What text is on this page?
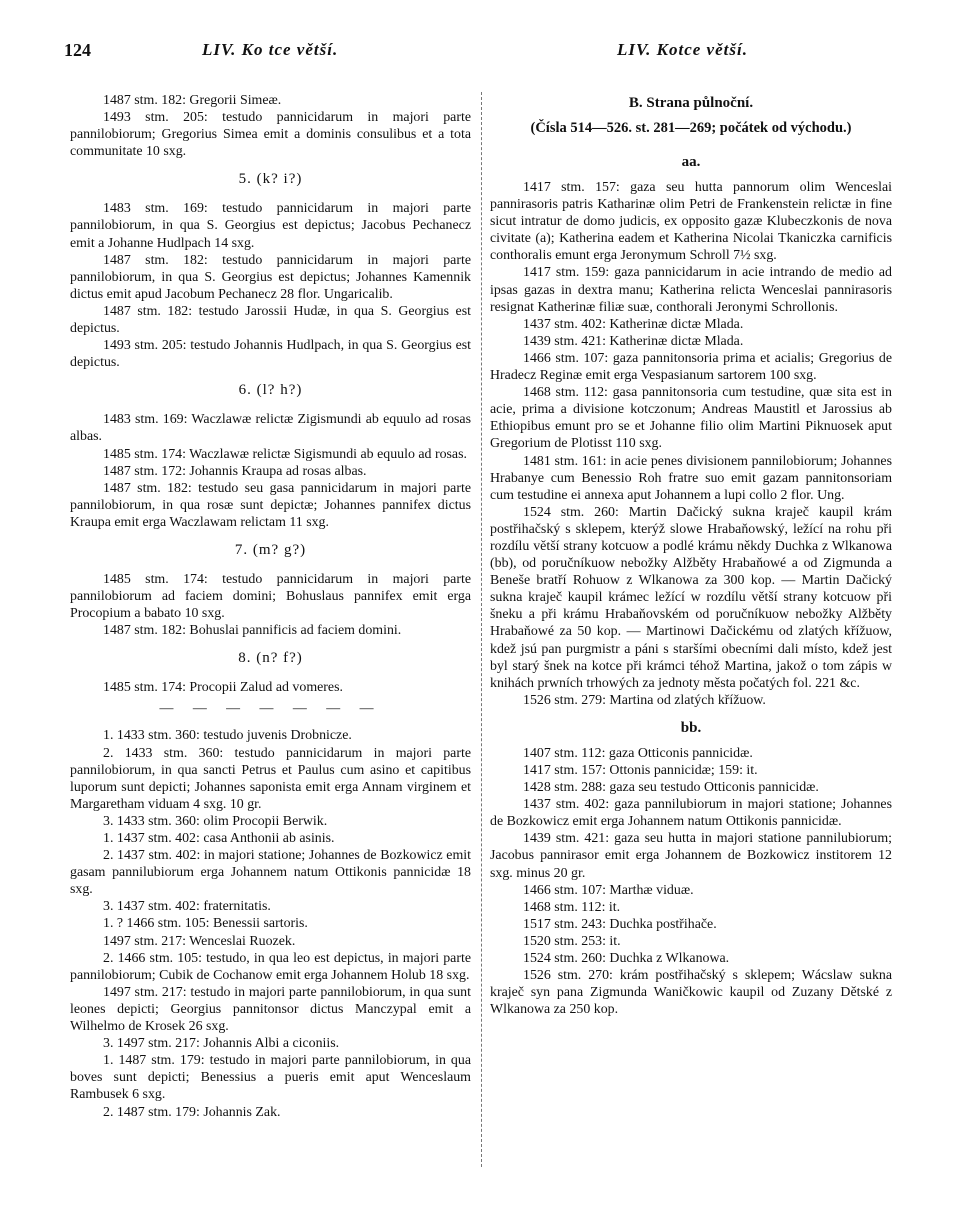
124	LIV. Ko tce větší.	LIV. Kotce větší.

1487 stm. 182: Gregorii Simeæ.

1493 stm. 205: testudo pannicidarum in majori parte pannilobiorum; Gregorius Simea emit a dominis consulibus et a tota communitate 10 sxg.

5. (k? i?)

1483 stm. 169: testudo pannicidarum in majori parte pannilobiorum, in qua S. Georgius est depictus; Jacobus Pechanecz emit a Johanne Hudlpach 14 sxg.

1487 stm. 182: testudo pannicidarum in majori parte pannilobiorum, in qua S. Georgius est depictus; Johannes Kamennik dictus emit apud Jacobum Pechanecz 28 flor. Ungaricalib.

1487 stm. 182: testudo Jarossii Hudæ, in qua S. Georgius est depictus.

1493 stm. 205: testudo Johannis Hudlpach, in qua S. Georgius est depictus.

6. (l? h?)

1483 stm. 169: Waczlawæ relictæ Zigismundi ab equulo ad rosas albas.

1485 stm. 174: Waczlawæ relictæ Sigismundi ab equulo ad rosas.

1487 stm. 172: Johannis Kraupa ad rosas albas.

1487 stm. 182: testudo seu gasa pannicidarum in majori parte pannilobiorum, in qua rosæ sunt depictæ; Johannes pannifex dictus Kraupa emit erga Waczlawam relictam 11 sxg.

7. (m? g?)

1485 stm. 174: testudo pannicidarum in majori parte pannilobiorum ad faciem domini; Bohuslaus pannifex emit erga Procopium a babato 10 sxg.

1487 stm. 182: Bohuslai pannificis ad faciem domini.

8. (n? f?)

1485 stm. 174: Procopii Zalud ad vomeres.

— — — — — — —

1. 1433 stm. 360: testudo juvenis Drobnicze.

2. 1433 stm. 360: testudo pannicidarum in majori parte pannilobiorum, in qua sancti Petrus et Paulus cum asino et capitibus luporum sunt depicti; Johannes saponista emit erga Annam virginem et Margaretham viduam 4 sxg. 10 gr.

3. 1433 stm. 360: olim Procopii Berwik.

1. 1437 stm. 402: casa Anthonii ab asinis.

2. 1437 stm. 402: in majori statione; Johannes de Bozkowicz emit gasam pannilubiorum erga Johannem natum Ottikonis pannicidæ 18 sxg.

3. 1437 stm. 402: fraternitatis.

1. ? 1466 stm. 105: Benessii sartoris.

1497 stm. 217: Wenceslai Ruozek.

2. 1466 stm. 105: testudo, in qua leo est depictus, in majori parte pannilobiorum; Cubik de Cochanow emit erga Johannem Holub 18 sxg.

1497 stm. 217: testudo in majori parte pannilobiorum, in qua sunt leones depicti; Georgius pannitonsor dictus Manczypal emit a Wilhelmo de Krosek 26 sxg.

3. 1497 stm. 217: Johannis Albi a ciconiis.

1. 1487 stm. 179: testudo in majori parte pannilobiorum, in qua boves sunt depicti; Benessius a pueris emit aput Wenceslaum Rambusek 6 sxg.

2. 1487 stm. 179: Johannis Zak.

B. Strana půlnoční.

(Čísla 514—526. st. 281—269; počátek od východu.)

aa.

1417 stm. 157: gaza seu hutta pannorum olim Wenceslai pannirasoris patris Katharinæ olim Petri de Frankenstein relictæ in fine sicut intratur de domo judicis, ex opposito gazæ Klubeczkonis de nova civitate (a); Katherina eadem et Katherina Nicolai Tkaniczka carnificis conthoralis emunt erga Jeronymum Schroll 7½ sxg.

1417 stm. 159: gaza pannicidarum in acie intrando de medio ad ipsas gazas in dextra manu; Katherina relicta Wenceslai pannirasoris resignat Katherinæ filiæ suæ, conthorali Jeronymi Schrollonis.

1437 stm. 402: Katherinæ dictæ Mlada.

1439 stm. 421: Katherinæ dictæ Mlada.

1466 stm. 107: gaza pannitonsoria prima et acialis; Gregorius de Hradecz Reginæ emit erga Vespasianum sartorem 100 sxg.

1468 stm. 112: gasa pannitonsoria cum testudine, quæ sita est in acie, prima a divisione kotczonum; Andreas Maustitl et Jarossius ab Ethiopibus emunt pro se et Johanne filio olim Martini Piknuosek aput Gregorium de Plotisst 110 sxg.

1481 stm. 161: in acie penes divisionem pannilobiorum; Johannes Hrabanye cum Benessio Roh fratre suo emit gazam pannitonsoriam cum testudine ei annexa aput Johannem a lupi collo 2 flor. Ung.

1524 stm. 260: Martin Dačický sukna kraječ kaupil krám postřihačský s sklepem, kterýž slowe Hrabaňowský, ležící na rohu při rozdílu větší strany kotcuow a podlé krámu někdy Duchka z Wlkanowa (bb), od poručníkuow nebožky Alžběty Hrabaňowé a od Zigmunda a Beneše bratří Rohuow z Wlkanowa za 300 kop. — Martin Dačický sukna kraječ kaupil krámec ležící w rozdílu větší strany kotcuow při šneku a při krámu Hrabaňovském od poručníkuow nebožky Alžběty Hrabaňowé za 50 kop. — Martinowi Dačickému od zlatých křížuow, kdež jsú pan purgmistr a páni s staršími obecními dali místo, kdež jest byl starý šnek na kotce při krámci téhož Martina, jakož o tom zápis w knihách prwních trhowých za jednoty města počatých fol. 221 &c.

1526 stm. 279: Martina od zlatých křížuow.

bb.

1407 stm. 112: gaza Otticonis pannicidæ.

1417 stm. 157: Ottonis pannicidæ; 159: it.

1428 stm. 288: gaza seu testudo Otticonis pannicidæ.

1437 stm. 402: gaza pannilubiorum in majori statione; Johannes de Bozkowicz emit erga Johannem natum Ottikonis pannicidæ.

1439 stm. 421: gaza seu hutta in majori statione pannilubiorum; Jacobus pannirasor emit erga Johannem de Bozkowicz institorem 12 sxg. minus 20 gr.

1466 stm. 107: Marthæ viduæ.

1468 stm. 112: it.

1517 stm. 243: Duchka postřihače.

1520 stm. 253: it.

1524 stm. 260: Duchka z Wlkanowa.

1526 stm. 270: krám postřihačský s sklepem; Wácslaw sukna kraječ syn pana Zigmunda Waničkowic kaupil od Zuzany Dětské z Wlkanowa za 250 kop.
